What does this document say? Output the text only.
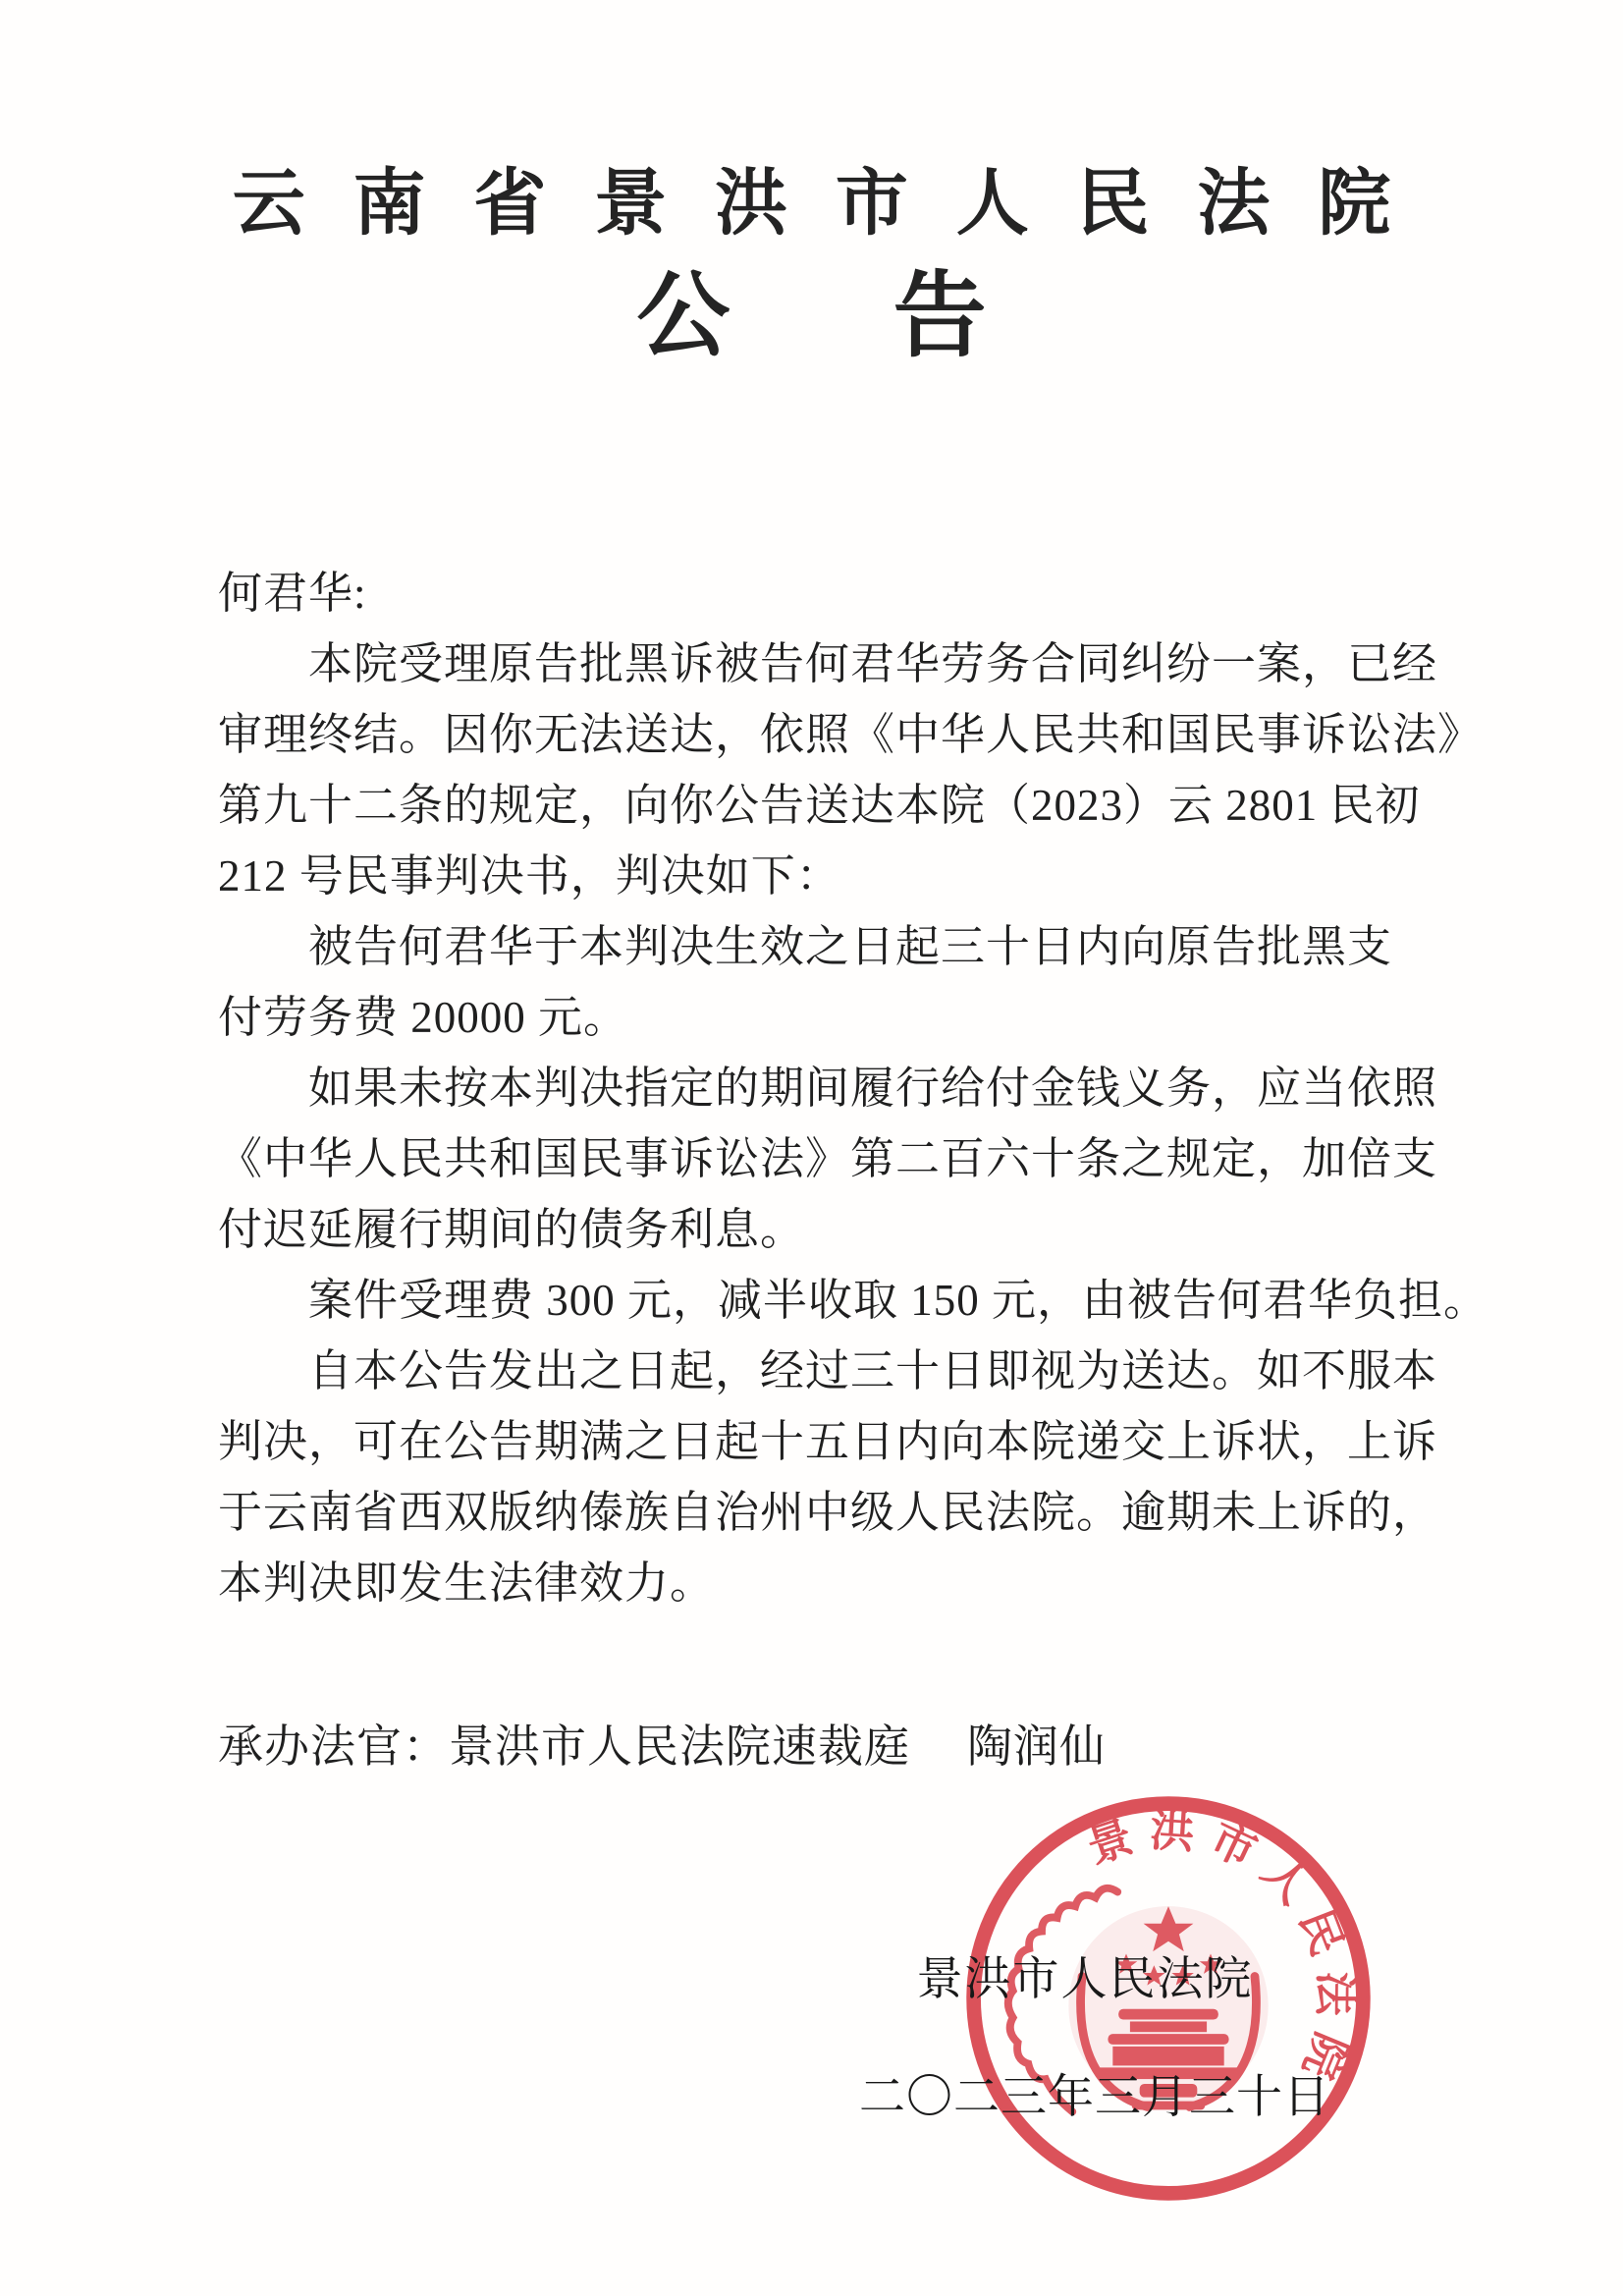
云南省景洪市人民法院
公告
何君华:
本院受理原告批黑诉被告何君华劳务合同纠纷一案，已经
审理终结。因你无法送达，依照《中华人民共和国民事诉讼法》
第九十二条的规定，向你公告送达本院（2023）云 2801 民初
212 号民事判决书，判决如下：
被告何君华于本判决生效之日起三十日内向原告批黑支
付劳务费 20000 元。
如果未按本判决指定的期间履行给付金钱义务，应当依照
《中华人民共和国民事诉讼法》第二百六十条之规定，加倍支
付迟延履行期间的债务利息。
案件受理费 300 元，减半收取 150 元，由被告何君华负担。
自本公告发出之日起，经过三十日即视为送达。如不服本
判决，可在公告期满之日起十五日内向本院递交上诉状，上诉
于云南省西双版纳傣族自治州中级人民法院。逾期未上诉的，
本判决即发生法律效力。
承办法官：景洪市人民法院速裁庭 陶润仙
景洪市人民法院
景洪市人民法院
二〇二三年三月三十日
